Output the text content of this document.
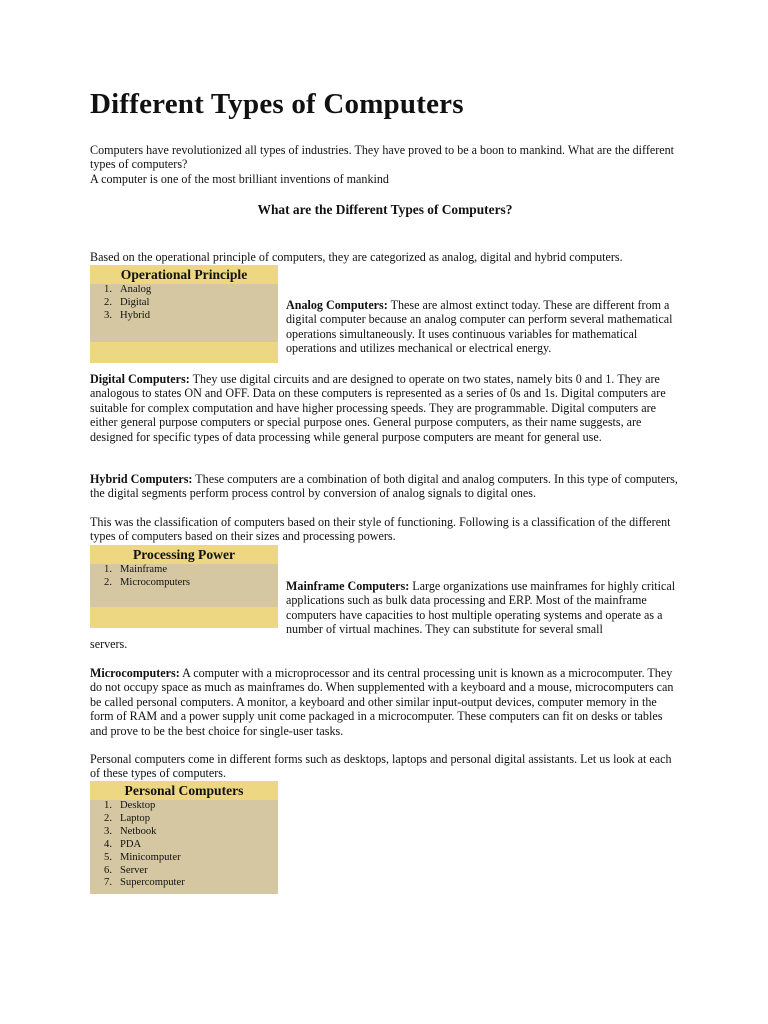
Different Types of Computers

Computers have revolutionized all types of industries. They have proved to be a boon to mankind. What are the different types of computers?
A computer is one of the most brilliant inventions of mankind

What are the Different Types of Computers?

Based on the operational principle of computers, they are categorized as analog, digital and hybrid computers.

Operational Principle
1. Analog
2. Digital
3. Hybrid

Analog Computers: These are almost extinct today. These are different from a digital computer because an analog computer can perform several mathematical operations simultaneously. It uses continuous variables for mathematical operations and utilizes mechanical or electrical energy.

Digital Computers: They use digital circuits and are designed to operate on two states, namely bits 0 and 1. They are analogous to states ON and OFF. Data on these computers is represented as a series of 0s and 1s. Digital computers are suitable for complex computation and have higher processing speeds. They are programmable. Digital computers are either general purpose computers or special purpose ones. General purpose computers, as their name suggests, are designed for specific types of data processing while general purpose computers are meant for general use.

Hybrid Computers: These computers are a combination of both digital and analog computers. In this type of computers, the digital segments perform process control by conversion of analog signals to digital ones.

This was the classification of computers based on their style of functioning. Following is a classification of the different types of computers based on their sizes and processing powers.

Processing Power
1. Mainframe
2. Microcomputers	Mainframe Computers: Large organizations use mainframes for highly critical applications such as bulk data processing and ERP. Most of the mainframe computers have capacities to host multiple operating systems and operate as a number of virtual machines. They can substitute for several small

servers.

Microcomputers: A computer with a microprocessor and its central processing unit is known as a microcomputer. They do not occupy space as much as mainframes do. When supplemented with a keyboard and a mouse, microcomputers can be called personal computers. A monitor, a keyboard and other similar input-output devices, computer memory in the form of RAM and a power supply unit come packaged in a microcomputer. These computers can fit on desks or tables and prove to be the best choice for single-user tasks.

Personal computers come in different forms such as desktops, laptops and personal digital assistants. Let us look at each of these types of computers.

Personal Computers
1. Desktop
2. Laptop
3. Netbook
4. PDA
5. Minicomputer
6. Server
7. Supercomputer
